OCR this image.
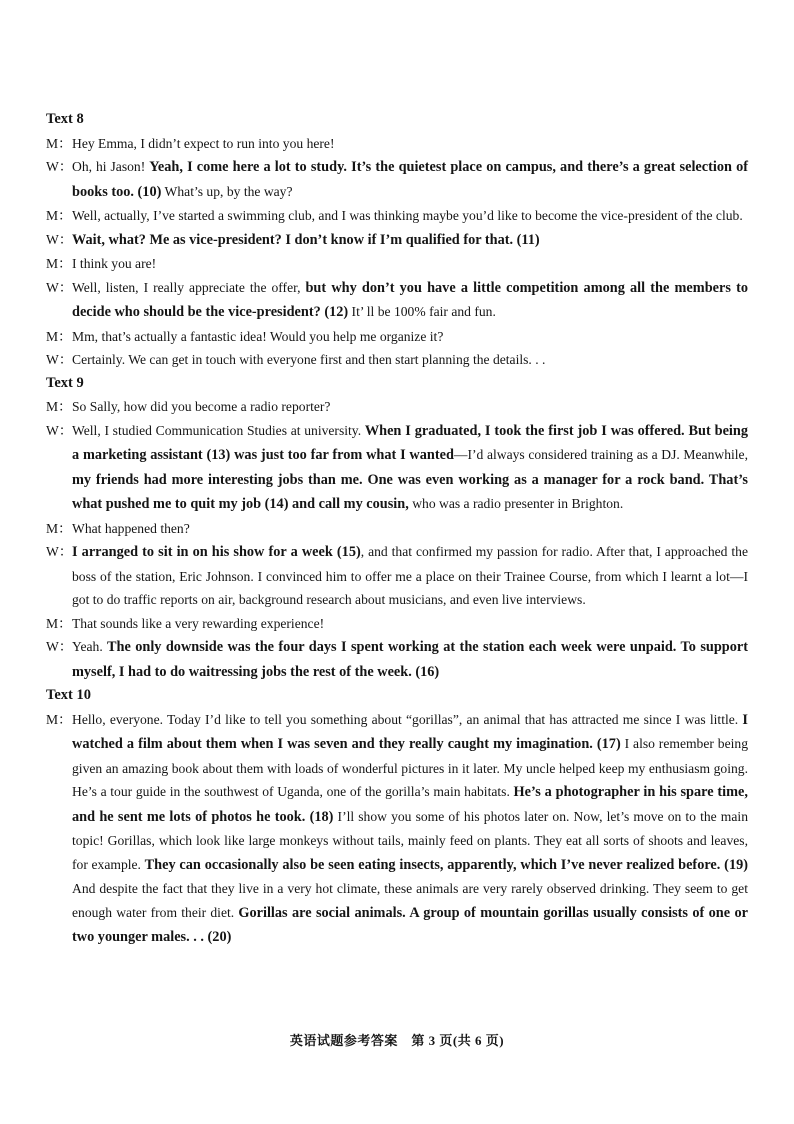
Text 8
M： Hey Emma, I didn’t expect to run into you here!
W： Oh, hi Jason! Yeah, I come here a lot to study. It’s the quietest place on campus, and there’s a great selection of books too. (10) What’s up, by the way?
M： Well, actually, I’ve started a swimming club, and I was thinking maybe you’d like to become the vice-president of the club.
W： Wait, what? Me as vice-president? I don’t know if I’m qualified for that. (11)
M： I think you are!
W： Well, listen, I really appreciate the offer, but why don’t you have a little competition among all the members to decide who should be the vice-president? (12) It’ ll be 100% fair and fun.
M： Mm, that’s actually a fantastic idea! Would you help me organize it?
W： Certainly. We can get in touch with everyone first and then start planning the details. . .
Text 9
M： So Sally, how did you become a radio reporter?
W： Well, I studied Communication Studies at university. When I graduated, I took the first job I was offered. But being a marketing assistant (13) was just too far from what I wanted—I’d always considered training as a DJ. Meanwhile, my friends had more interesting jobs than me. One was even working as a manager for a rock band. That’s what pushed me to quit my job (14) and call my cousin, who was a radio presenter in Brighton.
M： What happened then?
W： I arranged to sit in on his show for a week (15), and that confirmed my passion for radio. After that, I approached the boss of the station, Eric Johnson. I convinced him to offer me a place on their Trainee Course, from which I learnt a lot—I got to do traffic reports on air, background research about musicians, and even live interviews.
M： That sounds like a very rewarding experience!
W： Yeah. The only downside was the four days I spent working at the station each week were unpaid. To support myself, I had to do waitressing jobs the rest of the week. (16)
Text 10
M： Hello, everyone. Today I’d like to tell you something about “gorillas”, an animal that has attracted me since I was little. I watched a film about them when I was seven and they really caught my imagination. (17) I also remember being given an amazing book about them with loads of wonderful pictures in it later. My uncle helped keep my enthusiasm going. He’s a tour guide in the southwest of Uganda, one of the gorilla’s main habitats. He’s a photographer in his spare time, and he sent me lots of photos he took. (18) I’ll show you some of his photos later on. Now, let’s move on to the main topic! Gorillas, which look like large monkeys without tails, mainly feed on plants. They eat all sorts of shoots and leaves, for example. They can occasionally also be seen eating insects, apparently, which I’ve never realized before. (19) And despite the fact that they live in a very hot climate, these animals are very rarely observed drinking. They seem to get enough water from their diet. Gorillas are social animals. A group of mountain gorillas usually consists of one or two younger males. . . (20)
英语试题参考答案　第 3 页(共 6 页)
